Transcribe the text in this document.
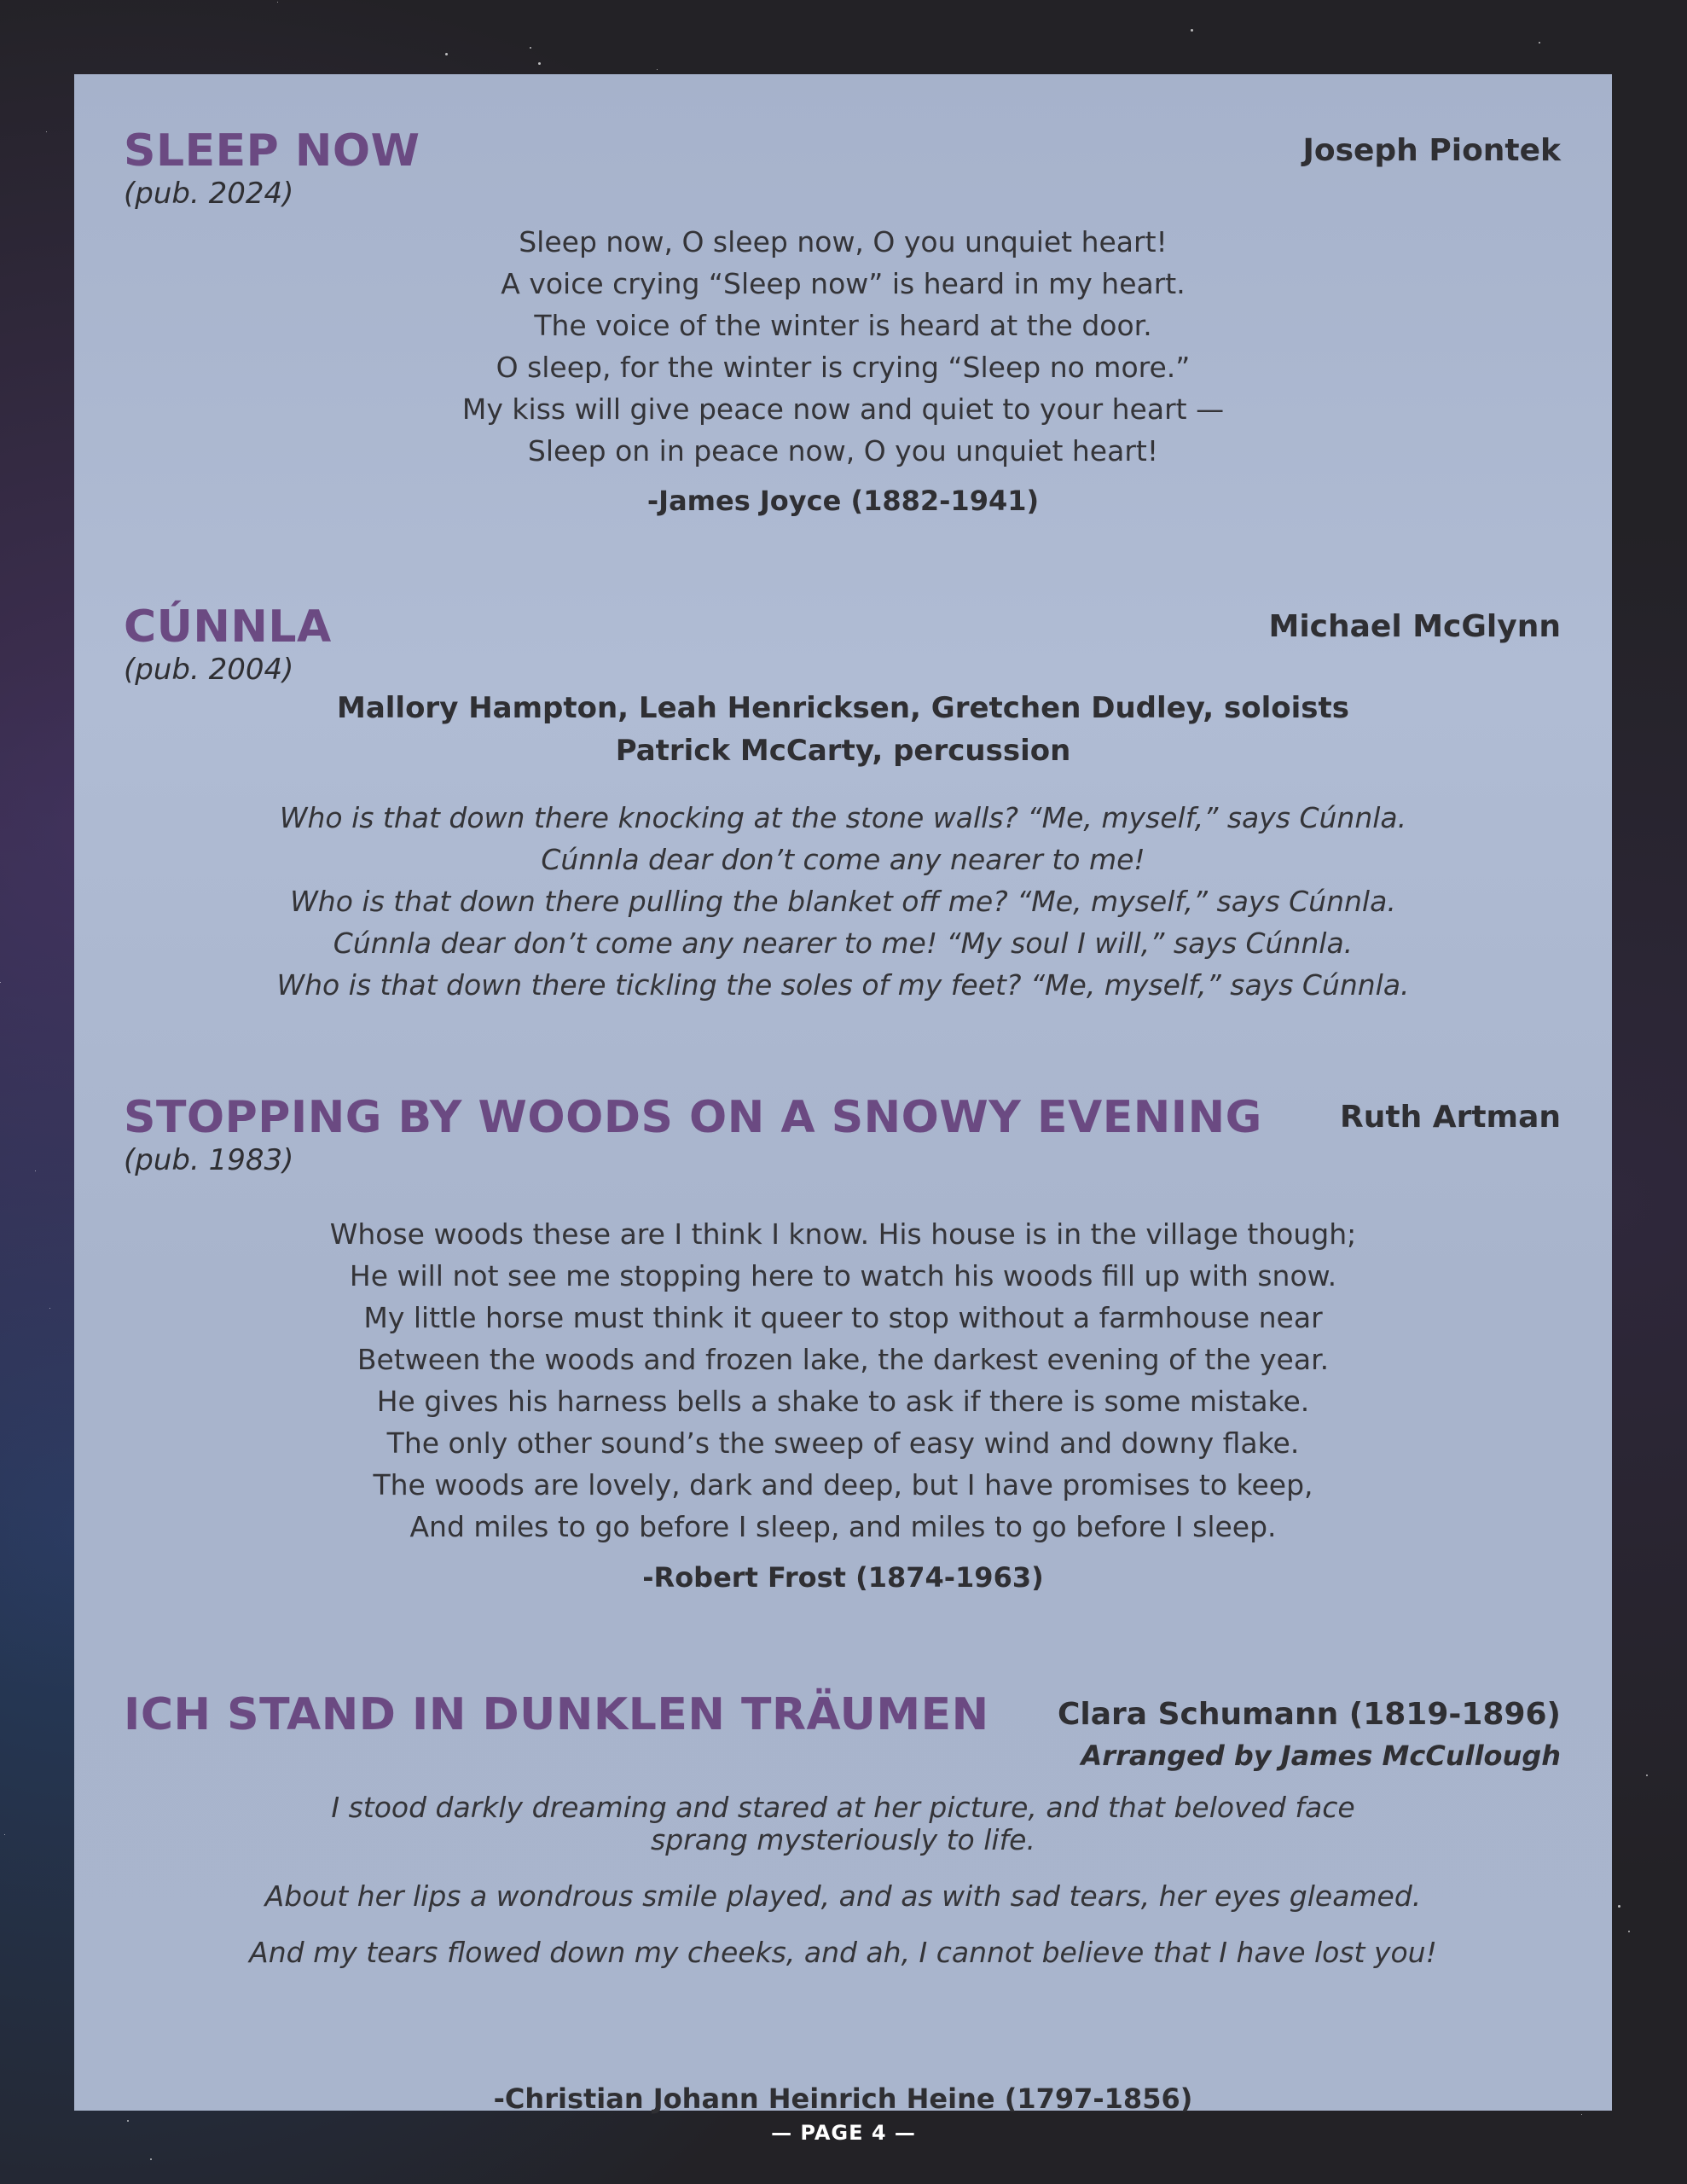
SLEEP NOW	Joseph Piontek
(pub. 2024)
Sleep now, O sleep now, O you unquiet heart!
A voice crying “Sleep now” is heard in my heart.
The voice of the winter is heard at the door.
O sleep, for the winter is crying “Sleep no more.”
My kiss will give peace now and quiet to your heart —
Sleep on in peace now, O you unquiet heart!
-James Joyce (1882-1941)
CÚNNLA	Michael McGlynn
(pub. 2004)
Mallory Hampton, Leah Henricksen, Gretchen Dudley, soloists
Patrick McCarty, percussion
Who is that down there knocking at the stone walls? “Me, myself,” says Cúnnla.
Cúnnla dear don’t come any nearer to me!
Who is that down there pulling the blanket off me? “Me, myself,” says Cúnnla.
Cúnnla dear don’t come any nearer to me! “My soul I will,” says Cúnnla.
Who is that down there tickling the soles of my feet? “Me, myself,” says Cúnnla.
STOPPING BY WOODS ON A SNOWY EVENING	Ruth Artman
(pub. 1983)
Whose woods these are I think I know. His house is in the village though;
He will not see me stopping here to watch his woods fill up with snow.
My little horse must think it queer to stop without a farmhouse near
Between the woods and frozen lake, the darkest evening of the year.
He gives his harness bells a shake to ask if there is some mistake.
The only other sound’s the sweep of easy wind and downy flake.
The woods are lovely, dark and deep, but I have promises to keep,
And miles to go before I sleep, and miles to go before I sleep.
-Robert Frost (1874-1963)
ICH STAND IN DUNKLEN TRÄUMEN Clara Schumann (1819-1896)
Arranged by James McCullough
I stood darkly dreaming and stared at her picture, and that beloved face
sprang mysteriously to life.
About her lips a wondrous smile played, and as with sad tears, her eyes gleamed.
And my tears flowed down my cheeks, and ah, I cannot believe that I have lost you!
-Christian Johann Heinrich Heine (1797-1856)
— PAGE 4 —
